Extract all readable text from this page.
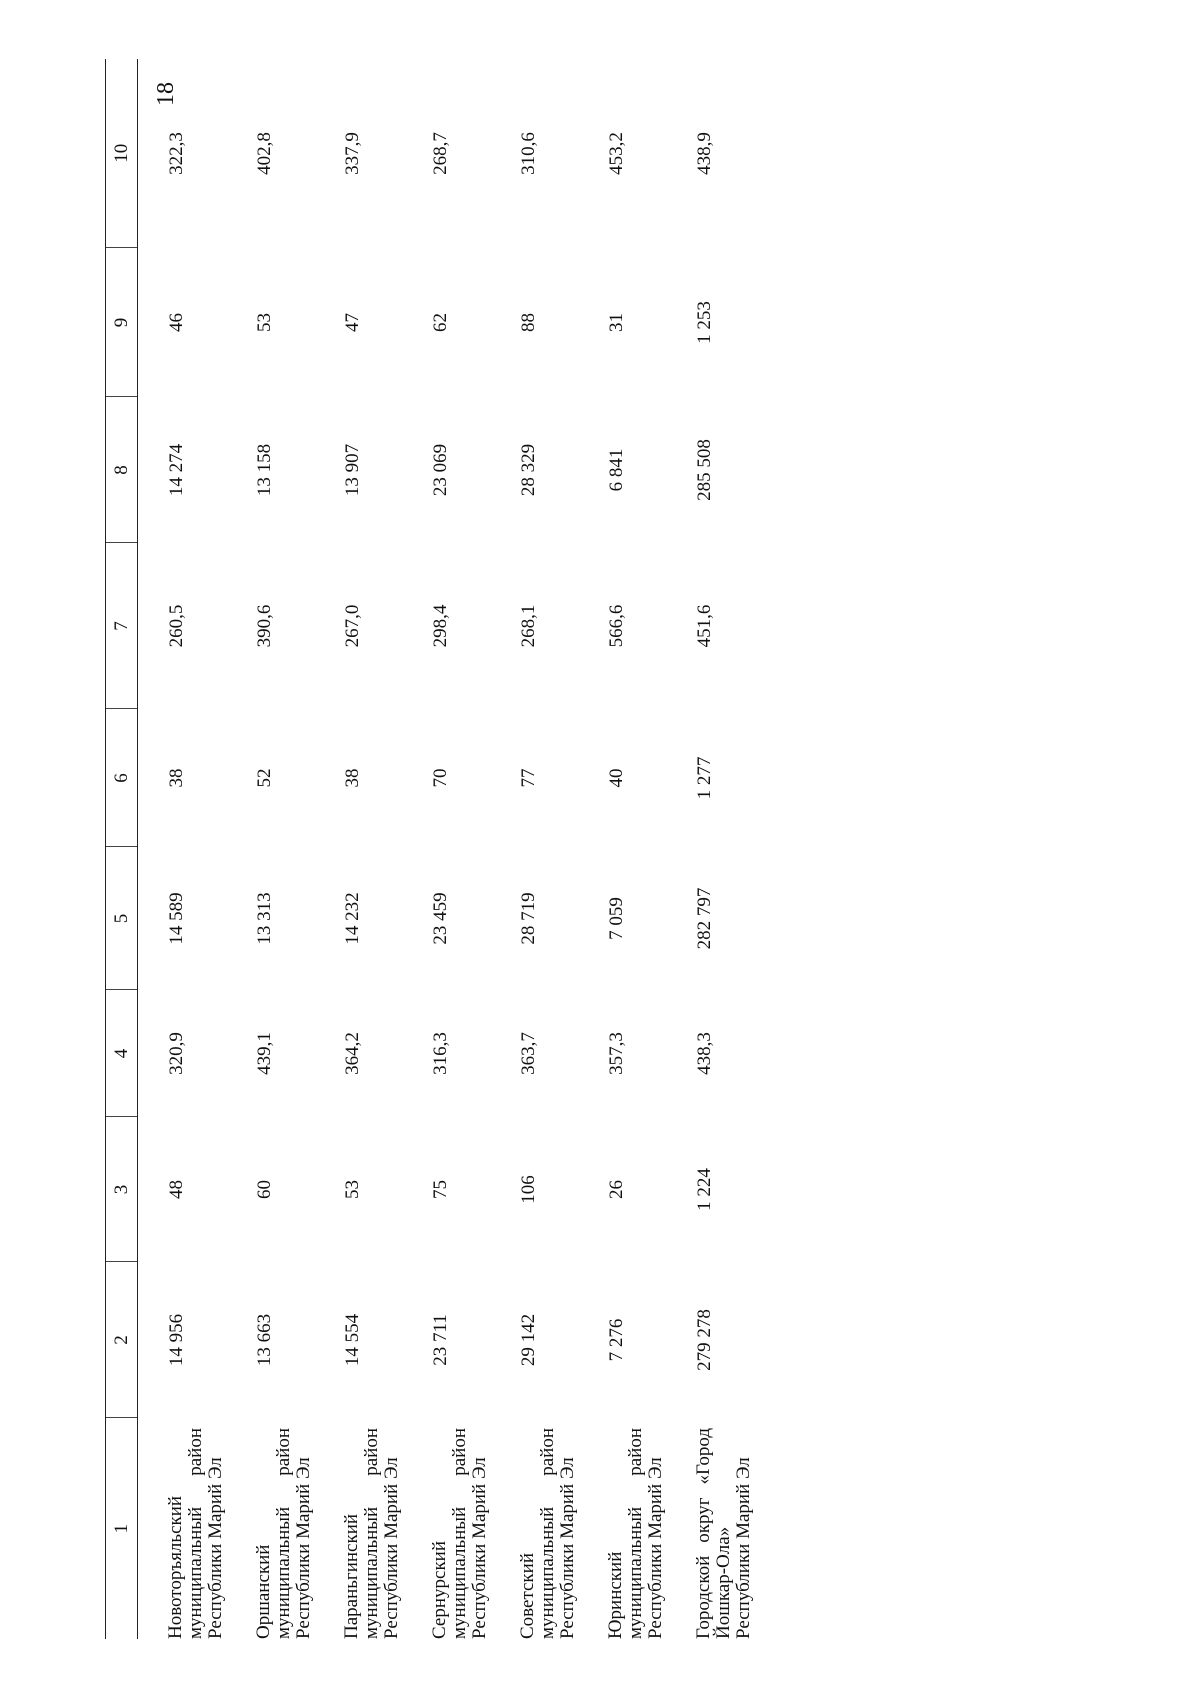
18
1	2	3	4	5	6	7	8	9	10
Новоторъяльский муниципальный район Республики Марий Эл	14 956	48	320,9	14 589	38	260,5	14 274	46	322,3
Оршанский муниципальный район Республики Марий Эл	13 663	60	439,1	13 313	52	390,6	13 158	53	402,8
Параньгинский муниципальный район Республики Марий Эл	14 554	53	364,2	14 232	38	267,0	13 907	47	337,9
Сернурский муниципальный район Республики Марий Эл	23 711	75	316,3	23 459	70	298,4	23 069	62	268,7
Советский муниципальный район Республики Марий Эл	29 142	106	363,7	28 719	77	268,1	28 329	88	310,6
Юринский муниципальный район Республики Марий Эл	7 276	26	357,3	7 059	40	566,6	6 841	31	453,2
Городской округ «Город Йошкар-Ола» Республики Марий Эл	279 278	1 224	438,3	282 797	1 277	451,6	285 508	1 253	438,9
